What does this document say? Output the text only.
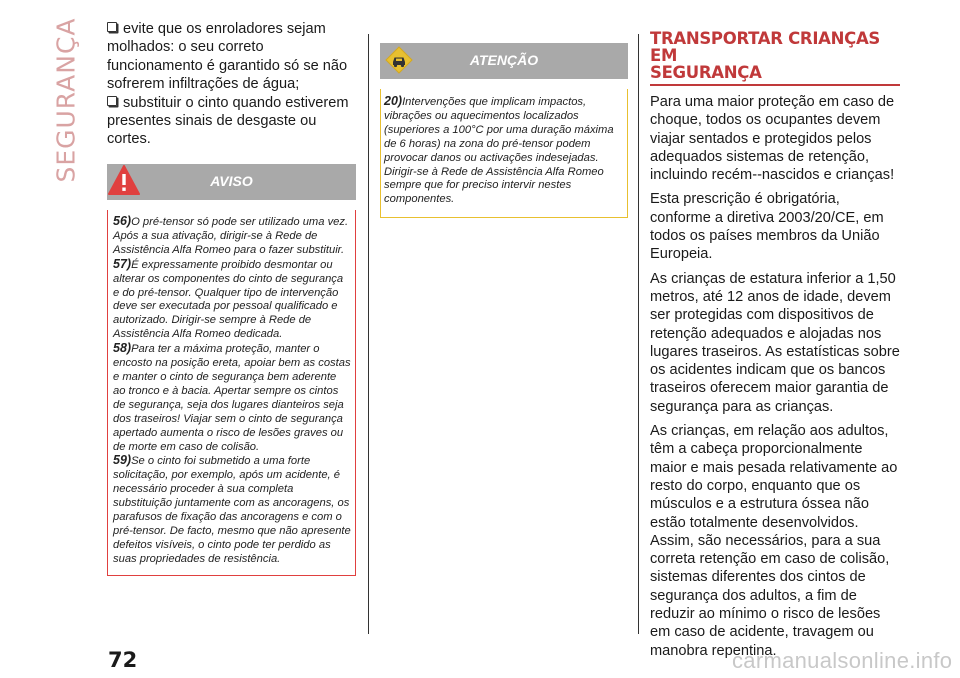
SEGURANÇA	evite que os enroladores sejam molhados: o seu correto funcionamento é garantido só se não sofrerem infiltrações de água;

substituir o cinto quando estiverem presentes sinais de desgaste ou cortes.

AVISO

56)O pré-tensor só pode ser utilizado uma vez. Após a sua ativação, dirigir-se à Rede de Assistência Alfa Romeo para o fazer substituir.

57)É expressamente proibido desmontar ou alterar os componentes do cinto de segurança e do pré-tensor. Qualquer tipo de intervenção deve ser executada por pessoal qualificado e autorizado. Dirigir-se sempre à Rede de Assistência Alfa Romeo dedicada.

58)Para ter a máxima proteção, manter o encosto na posição ereta, apoiar bem as costas e manter o cinto de segurança bem aderente ao tronco e à bacia. Apertar sempre os cintos de segurança, seja dos lugares dianteiros seja dos traseiros! Viajar sem o cinto de segurança apertado aumenta o risco de lesões graves ou de morte em caso de colisão.

59)Se o cinto foi submetido a uma forte solicitação, por exemplo, após um acidente, é necessário proceder à sua completa substituição juntamente com as ancoragens, os parafusos de fixação das ancoragens e com o pré-tensor. De facto, mesmo que não apresente defeitos visíveis, o cinto pode ter perdido as suas propriedades de resistência.

ATENÇÃO

20)Intervenções que implicam impactos, vibrações ou aquecimentos localizados (superiores a 100°C por uma duração máxima de 6 horas) na zona do pré-tensor podem provocar danos ou activações indesejadas. Dirigir-se à Rede de Assistência Alfa Romeo sempre que for preciso intervir nestes componentes.

TRANSPORTAR CRIANÇAS EM
SEGURANÇA

Para uma maior proteção em caso de choque, todos os ocupantes devem viajar sentados e protegidos pelos adequados sistemas de retenção, incluindo recém--nascidos e crianças!

Esta prescrição é obrigatória, conforme a diretiva 2003/20/CE, em todos os países membros da União Europeia.

As crianças de estatura inferior a 1,50 metros, até 12 anos de idade, devem ser protegidas com dispositivos de retenção adequados e alojadas nos lugares traseiros. As estatísticas sobre os acidentes indicam que os bancos traseiros oferecem maior garantia de segurança para as crianças.

As crianças, em relação aos adultos, têm a cabeça proporcionalmente maior e mais pesada relativamente ao resto do corpo, enquanto que os músculos e a estrutura óssea não estão totalmente desenvolvidos. Assim, são necessários, para a sua correta retenção em caso de colisão, sistemas diferentes dos cintos de segurança dos adultos, a fim de reduzir ao mínimo o risco de lesões em caso de acidente, travagem ou manobra repentina.

72	carmanualsonline.info
